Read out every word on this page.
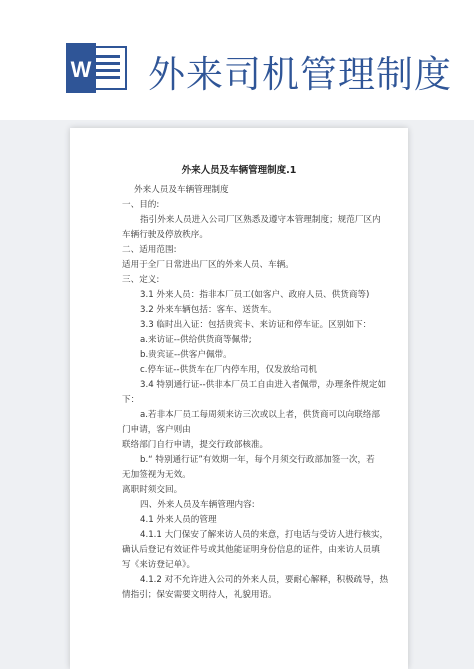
W 外来司机管理制度
外来人员及车辆管理制度.1
外来人员及车辆管理制度
一、目的:
指引外来人员进入公司厂区熟悉及遵守本管理制度；规范厂区内
车辆行驶及停放秩序。
二、适用范围:
适用于全厂日常进出厂区的外来人员、车辆。
三、定义:
3.1 外来人员：指非本厂员工(如客户、政府人员、供货商等)
3.2 外来车辆包括：客车、送货车。
3.3 临时出入证：包括贵宾卡、来访证和停车证。区别如下：
a.来访证--供给供货商等佩带;
b.贵宾证--供客户佩带。
c.停车证--供货车在厂内停车用，仅发放给司机
3.4 特别通行证--供非本厂员工自由进入者佩带，办理条件规定如
下：
a.若非本厂员工每周须来访三次或以上者，供货商可以向联络部
门申请，客户则由
联络部门自行申请，提交行政部核准。
b.“ 特别通行证”有效期一年，每个月须交行政部加签一次，若
无加签视为无效。
离职时须交回。
四、外来人员及车辆管理内容:
4.1 外来人员的管理
4.1.1 大门保安了解来访人员的来意，打电话与受访人进行核实，
确认后登记有效证件号或其他能证明身份信息的证件，由来访人员填
写《来访登记单》。
4.1.2 对不允许进入公司的外来人员，要耐心解释，积极疏导，热
情指引；保安需要文明待人，礼貌用语。
